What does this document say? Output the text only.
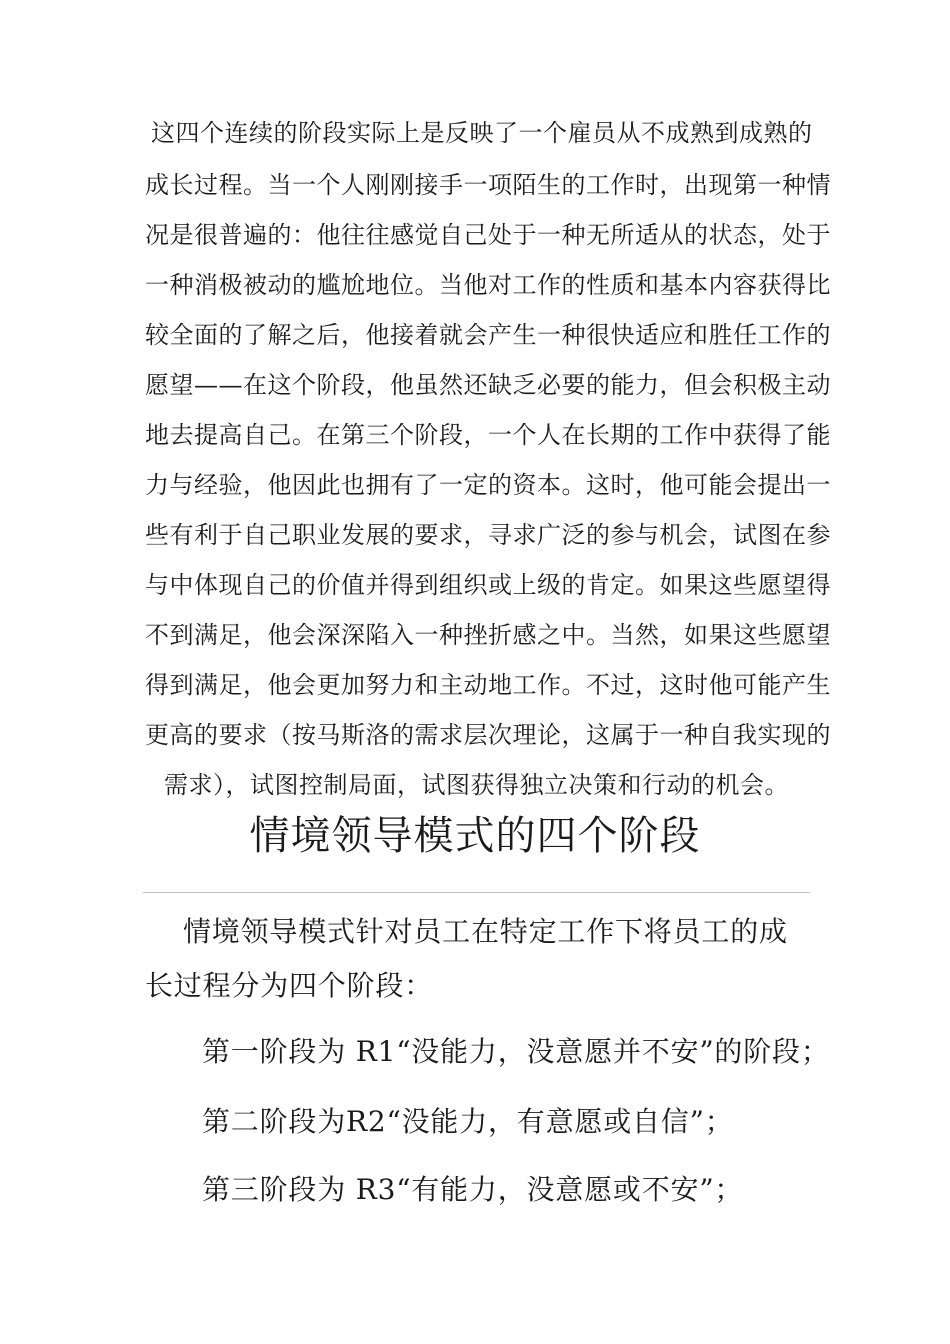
这四个连续的阶段实际上是反映了一个雇员从不成熟到成熟的
成长过程。当一个人刚刚接手一项陌生的工作时，出现第一种情
况是很普遍的：他往往感觉自己处于一种无所适从的状态，处于
一种消极被动的尴尬地位。当他对工作的性质和基本内容获得比
较全面的了解之后，他接着就会产生一种很快适应和胜任工作的
愿望——在这个阶段，他虽然还缺乏必要的能力，但会积极主动
地去提高自己。在第三个阶段，一个人在长期的工作中获得了能
力与经验，他因此也拥有了一定的资本。这时，他可能会提出一
些有利于自己职业发展的要求，寻求广泛的参与机会，试图在参
与中体现自己的价值并得到组织或上级的肯定。如果这些愿望得
不到满足，他会深深陷入一种挫折感之中。当然，如果这些愿望
得到满足，他会更加努力和主动地工作。不过，这时他可能产生
更高的要求（按马斯洛的需求层次理论，这属于一种自我实现的
需求），试图控制局面，试图获得独立决策和行动的机会。
情境领导模式的四个阶段
情境领导模式针对员工在特定工作下将员工的成
长过程分为四个阶段：
第一阶段为 R1“没能力，没意愿并不安”的阶段；
第二阶段为R2“没能力，有意愿或自信”；
第三阶段为 R3“有能力，没意愿或不安”；
